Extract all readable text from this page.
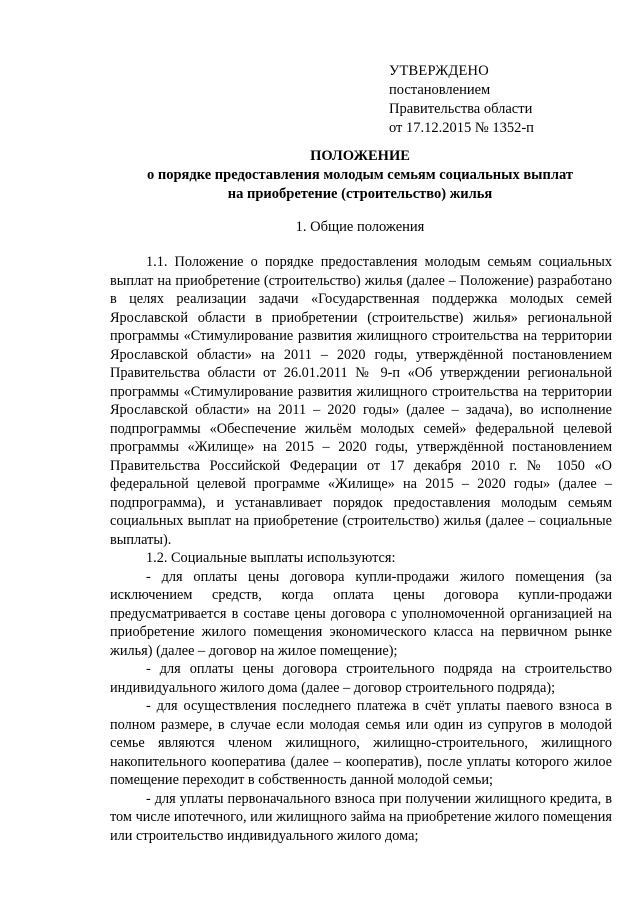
УТВЕРЖДЕНО
постановлением
Правительства области
от 17.12.2015 № 1352-п
ПОЛОЖЕНИЕ
о порядке предоставления молодым семьям социальных выплат
на приобретение (строительство) жилья
1. Общие положения

1.1. Положение о порядке предоставления молодым семьям социальных выплат на приобретение (строительство) жилья (далее – Положение) разработано в целях реализации задачи «Государственная поддержка молодых семей Ярославской области в приобретении (строительстве) жилья» региональной программы «Стимулирование развития жилищного строительства на территории Ярославской области» на 2011 – 2020 годы, утверждённой постановлением Правительства области от 26.01.2011 № 9-п «Об утверждении региональной программы «Стимулирование развития жилищного строительства на территории Ярославской области» на 2011 – 2020 годы» (далее – задача), во исполнение подпрограммы «Обеспечение жильём молодых семей» федеральной целевой программы «Жилище» на 2015 – 2020 годы, утверждённой постановлением Правительства Российской Федерации от 17 декабря 2010 г. № 1050 «О федеральной целевой программе «Жилище» на 2015 – 2020 годы» (далее – подпрограмма), и устанавливает порядок предоставления молодым семьям социальных выплат на приобретение (строительство) жилья (далее – социальные выплаты).

1.2. Социальные выплаты используются:

- для оплаты цены договора купли-продажи жилого помещения (за исключением средств, когда оплата цены договора купли-продажи предусматривается в составе цены договора с уполномоченной организацией на приобретение жилого помещения экономического класса на первичном рынке жилья) (далее – договор на жилое помещение);

- для оплаты цены договора строительного подряда на строительство индивидуального жилого дома (далее – договор строительного подряда);

- для осуществления последнего платежа в счёт уплаты паевого взноса в полном размере, в случае если молодая семья или один из супругов в молодой семье являются членом жилищного, жилищно-строительного, жилищного накопительного кооператива (далее – кооператив), после уплаты которого жилое помещение переходит в собственность данной молодой семьи;

- для уплаты первоначального взноса при получении жилищного кредита, в том числе ипотечного, или жилищного займа на приобретение жилого помещения или строительство индивидуального жилого дома;
